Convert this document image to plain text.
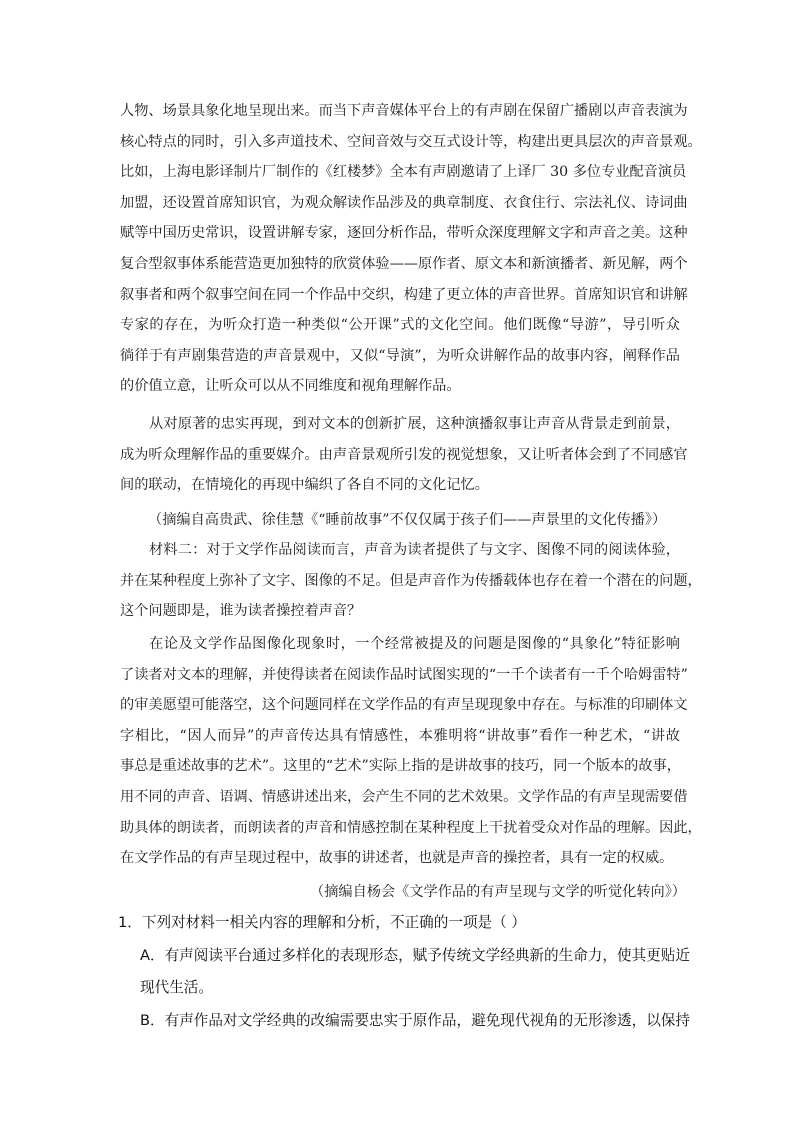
人物、场景具象化地呈现出来。而当下声音媒体平台上的有声剧在保留广播剧以声音表演为
核心特点的同时，引入多声道技术、空间音效与交互式设计等，构建出更具层次的声音景观。
比如，上海电影译制片厂制作的《红楼梦》全本有声剧邀请了上译厂 30 多位专业配音演员
加盟，还设置首席知识官，为观众解读作品涉及的典章制度、衣食住行、宗法礼仪、诗词曲
赋等中国历史常识，设置讲解专家，逐回分析作品，带听众深度理解文字和声音之美。这种
复合型叙事体系能营造更加独特的欣赏体验——原作者、原文本和新演播者、新见解，两个
叙事者和两个叙事空间在同一个作品中交织，构建了更立体的声音世界。首席知识官和讲解
专家的存在，为听众打造一种类似“公开课”式的文化空间。他们既像“导游”，导引听众
徜徉于有声剧集营造的声音景观中，又似“导演”，为听众讲解作品的故事内容，阐释作品
的价值立意，让听众可以从不同维度和视角理解作品。
从对原著的忠实再现，到对文本的创新扩展，这种演播叙事让声音从背景走到前景，
成为听众理解作品的重要媒介。由声音景观所引发的视觉想象，又让听者体会到了不同感官
间的联动，在情境化的再现中编织了各自不同的文化记忆。
（摘编自高贵武、徐佳慧《“睡前故事”不仅仅属于孩子们——声景里的文化传播》）
材料二：对于文学作品阅读而言，声音为读者提供了与文字、图像不同的阅读体验，
并在某种程度上弥补了文字、图像的不足。但是声音作为传播载体也存在着一个潜在的问题，
这个问题即是，谁为读者操控着声音？
在论及文学作品图像化现象时，一个经常被提及的问题是图像的“具象化”特征影响
了读者对文本的理解，并使得读者在阅读作品时试图实现的“一千个读者有一千个哈姆雷特”
的审美愿望可能落空，这个问题同样在文学作品的有声呈现现象中存在。与标准的印刷体文
字相比，“因人而异”的声音传达具有情感性，本雅明将“讲故事”看作一种艺术，“讲故
事总是重述故事的艺术”。这里的“艺术”实际上指的是讲故事的技巧，同一个版本的故事，
用不同的声音、语调、情感讲述出来，会产生不同的艺术效果。文学作品的有声呈现需要借
助具体的朗读者，而朗读者的声音和情感控制在某种程度上干扰着受众对作品的理解。因此，
在文学作品的有声呈现过程中，故事的讲述者，也就是声音的操控者，具有一定的权威。
（摘编自杨会《文学作品的有声呈现与文学的听觉化转向》）
1．下列对材料一相关内容的理解和分析，不正确的一项是（ ）
A．有声阅读平台通过多样化的表现形态，赋予传统文学经典新的生命力，使其更贴近
现代生活。
B．有声作品对文学经典的改编需要忠实于原作品，避免现代视角的无形渗透，以保持
